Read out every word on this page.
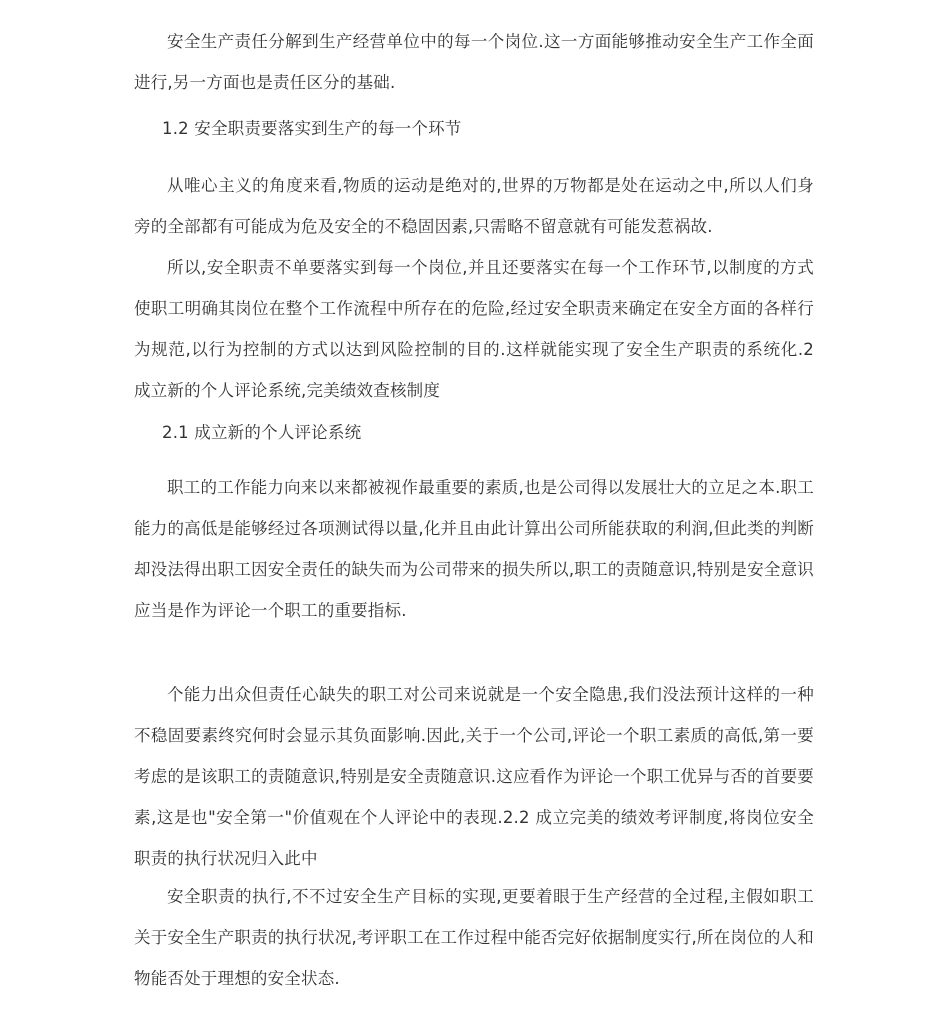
安全生产责任分解到生产经营单位中的每一个岗位.这一方面能够推动安全生产工作全面进行,另一方面也是责任区分的基础.

1.2 安全职责要落实到生产的每一个环节

从唯心主义的角度来看,物质的运动是绝对的,世界的万物都是处在运动之中,所以人们身旁的全部都有可能成为危及安全的不稳固因素,只需略不留意就有可能发惹祸故.

所以,安全职责不单要落实到每一个岗位,并且还要落实在每一个工作环节,以制度的方式使职工明确其岗位在整个工作流程中所存在的危险,经过安全职责来确定在安全方面的各样行为规范,以行为控制的方式以达到风险控制的目的.这样就能实现了安全生产职责的系统化.2 成立新的个人评论系统,完美绩效查核制度

2.1 成立新的个人评论系统

职工的工作能力向来以来都被视作最重要的素质,也是公司得以发展壮大的立足之本.职工能力的高低是能够经过各项测试得以量,化并且由此计算出公司所能获取的利润,但此类的判断却没法得出职工因安全责任的缺失而为公司带来的损失所以,职工的责随意识,特别是安全意识应当是作为评论一个职工的重要指标.

个能力出众但责任心缺失的职工对公司来说就是一个安全隐患,我们没法预计这样的一种不稳固要素终究何时会显示其负面影响.因此,关于一个公司,评论一个职工素质的高低,第一要考虑的是该职工的责随意识,特别是安全责随意识.这应看作为评论一个职工优异与否的首要要素,这是也"安全第一"价值观在个人评论中的表现.2.2 成立完美的绩效考评制度,将岗位安全职责的执行状况归入此中

安全职责的执行,不不过安全生产目标的实现,更要着眼于生产经营的全过程,主假如职工关于安全生产职责的执行状况,考评职工在工作过程中能否完好依据制度实行,所在岗位的人和物能否处于理想的安全状态.
